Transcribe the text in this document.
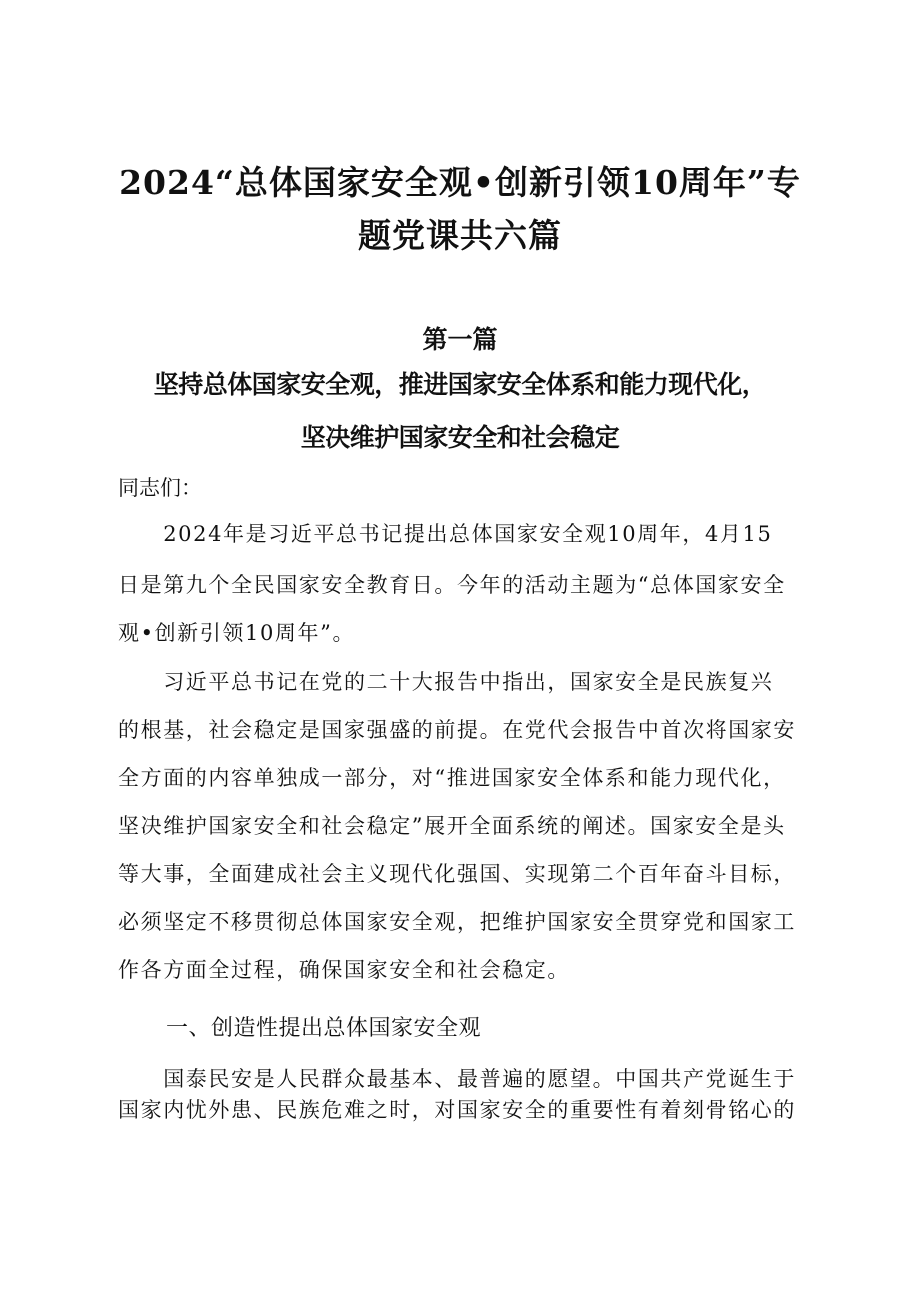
2024“总体国家安全观•创新引领10周年”专
题党课共六篇
第一篇
坚持总体国家安全观，推进国家安全体系和能力现代化，
坚决维护国家安全和社会稳定
同志们：
　　2024年是习近平总书记提出总体国家安全观10周年，4月15
日是第九个全民国家安全教育日。今年的活动主题为“总体国家安全
观•创新引领10周年”。
　　习近平总书记在党的二十大报告中指出，国家安全是民族复兴
的根基，社会稳定是国家强盛的前提。在党代会报告中首次将国家安
全方面的内容单独成一部分，对“推进国家安全体系和能力现代化，
坚决维护国家安全和社会稳定”展开全面系统的阐述。国家安全是头
等大事，全面建成社会主义现代化强国、实现第二个百年奋斗目标，
必须坚定不移贯彻总体国家安全观，把维护国家安全贯穿党和国家工
作各方面全过程，确保国家安全和社会稳定。
一、创造性提出总体国家安全观
　　国泰民安是人民群众最基本、最普遍的愿望。中国共产党诞生于
国家内忧外患、民族危难之时，对国家安全的重要性有着刻骨铭心的
